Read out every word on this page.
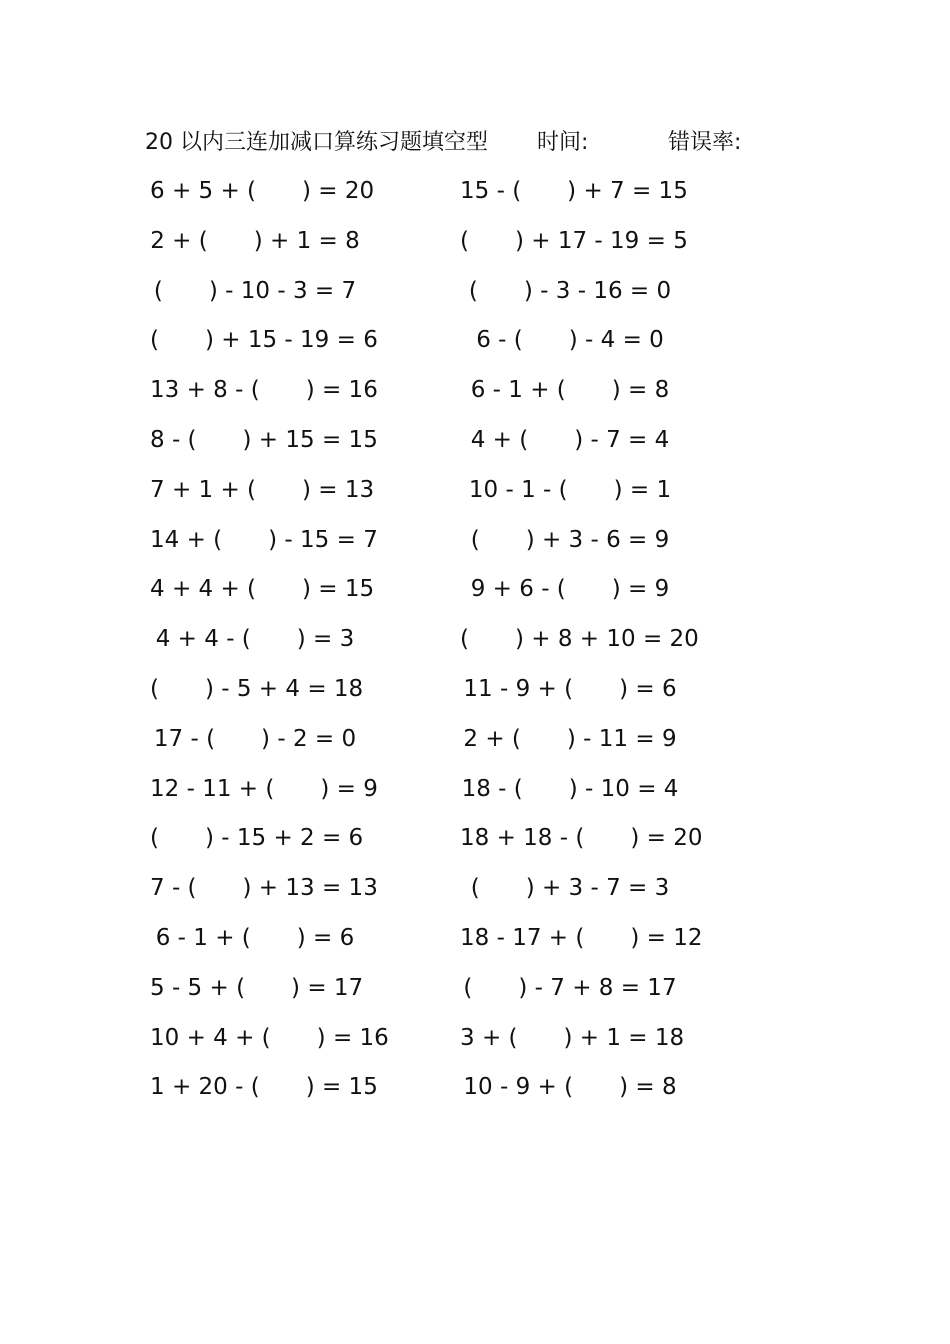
20 以内三连加减口算练习题填空型 时间:	错误率:
6 + 5 + (　　) = 20	15 - (　　) + 7 = 15
2 + (　　) + 1 = 8	(　　) + 17 - 19 = 5
(　　) - 10 - 3 = 7	(　　) - 3 - 16 = 0
(　　) + 15 - 19 = 6	6 - (　　) - 4 = 0
13 + 8 - (　　) = 16	6 - 1 + (　　) = 8
8 - (　　) + 15 = 15	4 + (　　) - 7 = 4
7 + 1 + (　　) = 13	10 - 1 - (　　) = 1
14 + (　　) - 15 = 7	(　　) + 3 - 6 = 9
4 + 4 + (　　) = 15	9 + 6 - (　　) = 9
4 + 4 - (　　) = 3	(　　) + 8 + 10 = 20
(　　) - 5 + 4 = 18	11 - 9 + (　　) = 6
17 - (　　) - 2 = 0	2 + (　　) - 11 = 9
12 - 11 + (　　) = 9	18 - (　　) - 10 = 4
(　　) - 15 + 2 = 6	18 + 18 - (　　) = 20
7 - (　　) + 13 = 13	(　　) + 3 - 7 = 3
6 - 1 + (　　) = 6	18 - 17 + (　　) = 12
5 - 5 + (　　) = 17	(　　) - 7 + 8 = 17
10 + 4 + (　　) = 16	3 + (　　) + 1 = 18
1 + 20 - (　　) = 15	10 - 9 + (　　) = 8
